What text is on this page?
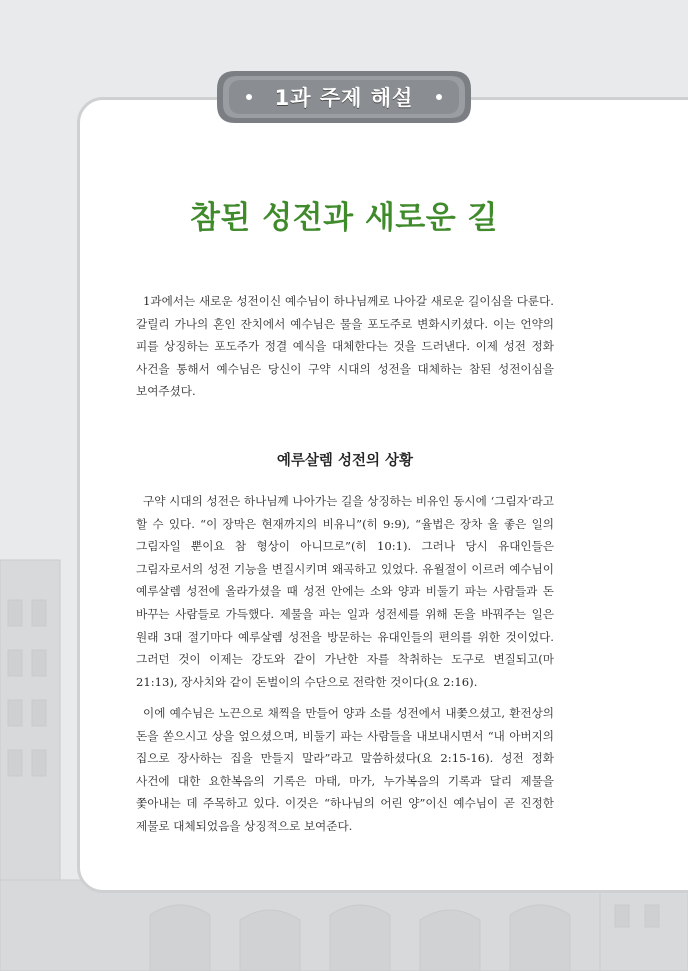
1과 주제 해설
참된 성전과 새로운 길

1과에서는 새로운 성전이신 예수님이 하나님께로 나아갈 새로운 길이심을 다룬다. 갈릴리 가나의 혼인 잔치에서 예수님은 물을 포도주로 변화시키셨다. 이는 언약의 피를 상징하는 포도주가 정결 예식을 대체한다는 것을 드러낸다. 이제 성전 정화 사건을 통해서 예수님은 당신이 구약 시대의 성전을 대체하는 참된 성전이심을 보여주셨다.

예루살렘 성전의 상황

구약 시대의 성전은 하나님께 나아가는 길을 상징하는 비유인 동시에 ‘그림자’라고 할 수 있다. “이 장막은 현재까지의 비유니”(히 9:9), “율법은 장차 올 좋은 일의 그림자일 뿐이요 참 형상이 아니므로”(히 10:1). 그러나 당시 유대인들은 그림자로서의 성전 기능을 변질시키며 왜곡하고 있었다. 유월절이 이르러 예수님이 예루살렘 성전에 올라가셨을 때 성전 안에는 소와 양과 비둘기 파는 사람들과 돈 바꾸는 사람들로 가득했다. 제물을 파는 일과 성전세를 위해 돈을 바꿔주는 일은 원래 3대 절기마다 예루살렘 성전을 방문하는 유대인들의 편의를 위한 것이었다. 그러던 것이 이제는 강도와 같이 가난한 자를 착취하는 도구로 변질되고(마 21:13), 장사치와 같이 돈벌이의 수단으로 전락한 것이다(요 2:16).

이에 예수님은 노끈으로 채찍을 만들어 양과 소를 성전에서 내쫓으셨고, 환전상의 돈을 쏟으시고 상을 엎으셨으며, 비둘기 파는 사람들을 내보내시면서 “내 아버지의 집으로 장사하는 집을 만들지 말라”라고 말씀하셨다(요 2:15-16). 성전 정화 사건에 대한 요한복음의 기록은 마태, 마가, 누가복음의 기록과 달리 제물을 쫓아내는 데 주목하고 있다. 이것은 “하나님의 어린 양”이신 예수님이 곧 진정한 제물로 대체되었음을 상징적으로 보여준다.
